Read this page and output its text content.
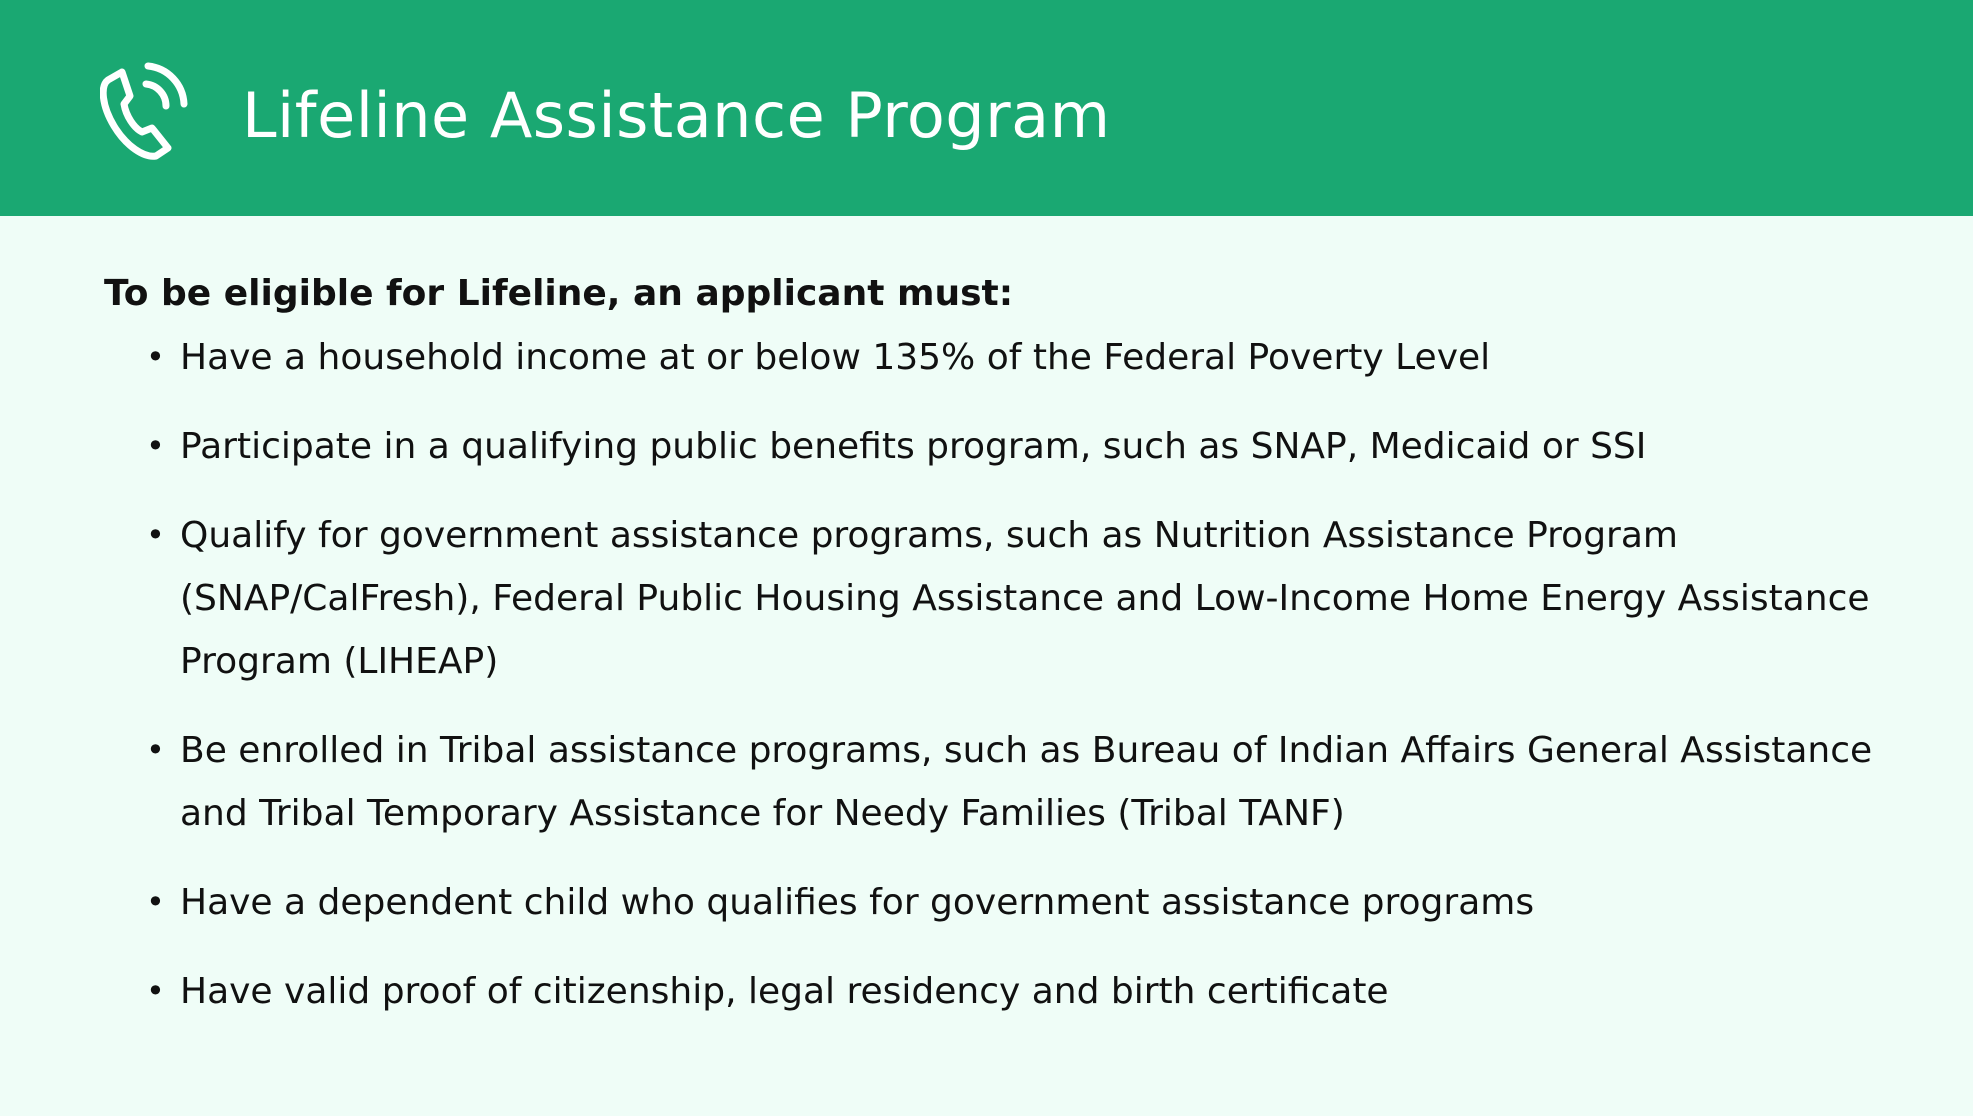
Lifeline Assistance Program

To be eligible for Lifeline, an applicant must:

• Have a household income at or below 135% of the Federal Poverty Level
• Participate in a qualifying public benefits program, such as SNAP, Medicaid or SSI
• Qualify for government assistance programs, such as Nutrition Assistance Program (SNAP/CalFresh), Federal Public Housing Assistance and Low-Income Home Energy Assistance Program (LIHEAP)
• Be enrolled in Tribal assistance programs, such as Bureau of Indian Affairs General Assistance and Tribal Temporary Assistance for Needy Families (Tribal TANF)
• Have a dependent child who qualifies for government assistance programs
• Have valid proof of citizenship, legal residency and birth certificate
